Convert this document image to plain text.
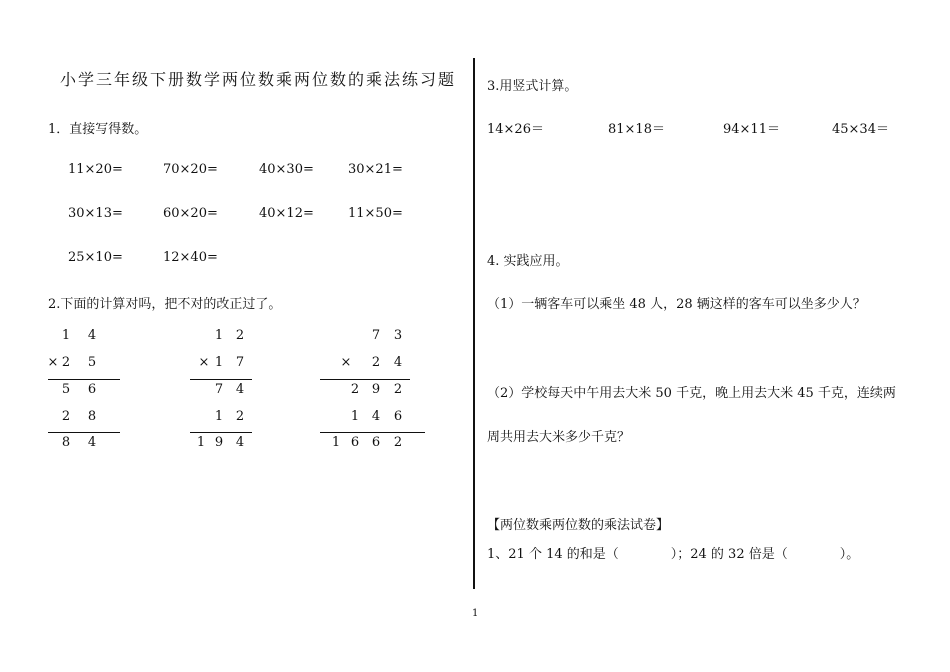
小学三年级下册数学两位数乘两位数的乘法练习题
1．直接写得数。
11×20=	70×20=	40×30=	30×21=
30×13=	60×20=	40×12=	11×50=
25×10=	12×40=
2.下面的计算对吗，把不对的改正过了。
1 4
× 2 5
5 6
2 8
8 4
1 2
× 1 7
7 4
1 2
1 9 4
7 3
× 2 4
2 9 2
1 4 6
1 6 6 2
3.用竖式计算。
14×26＝	81×18＝	94×11＝	45×34＝
4. 实践应用。
（1）一辆客车可以乘坐 48 人，28 辆这样的客车可以坐多少人？
（2）学校每天中午用去大米 50 千克，晚上用去大米 45 千克，连续两
周共用去大米多少千克？
【两位数乘两位数的乘法试卷】
1、21 个 14 的和是（　　　　）；24 的 32 倍是（　　　　）。
1
